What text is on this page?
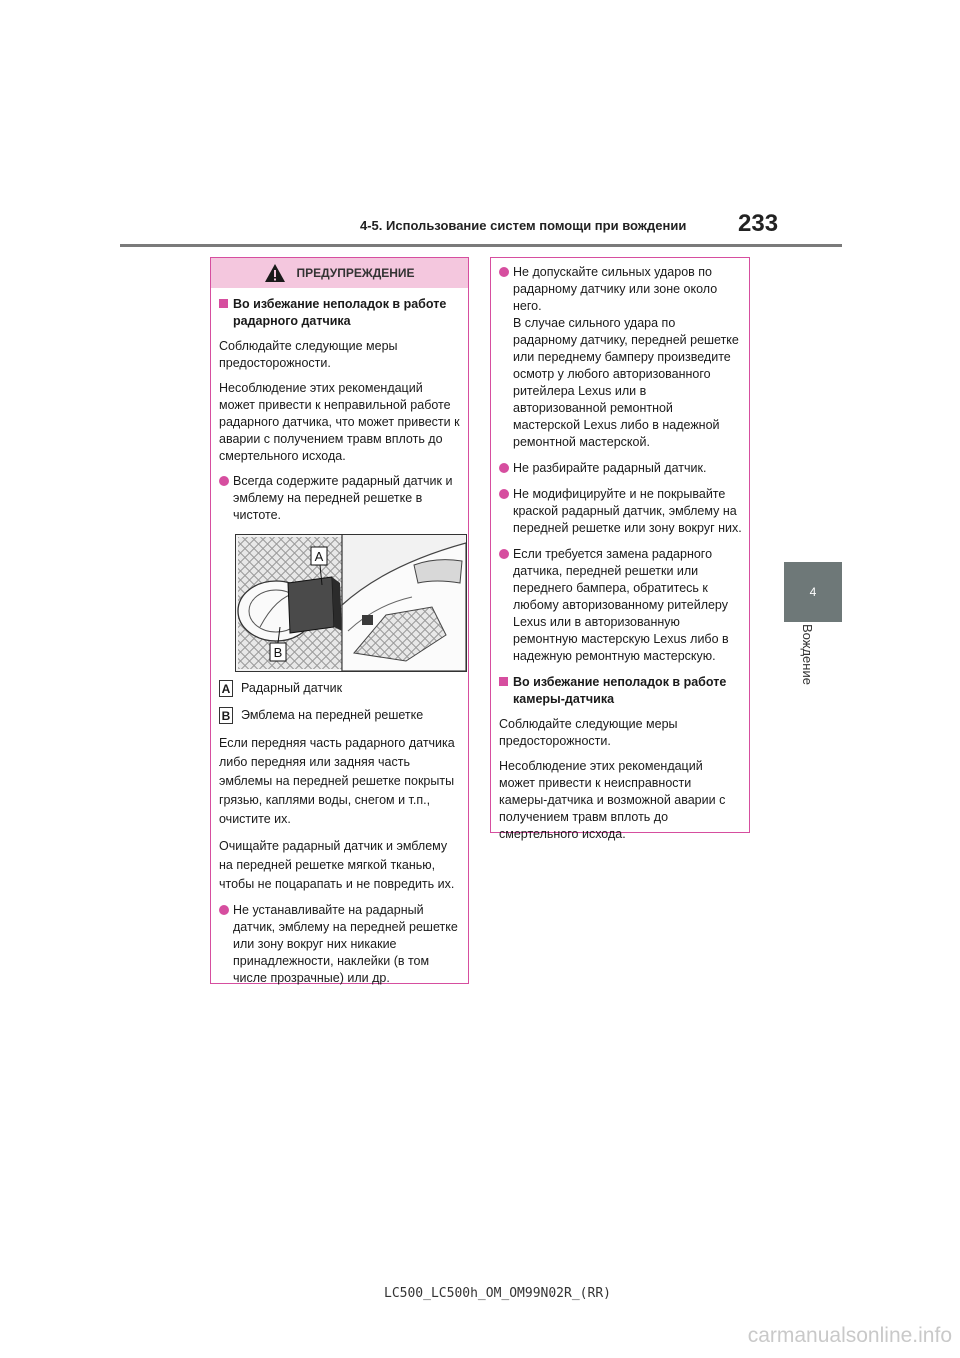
4-5. Использование систем помощи при вождении 233
4
Вождение
ПРЕДУПРЕЖДЕНИЕ
Во избежание неполадок в работе радарного датчика

Соблюдайте следующие меры предосторожности.

Несоблюдение этих рекомендаций может привести к неправильной работе радарного датчика, что может привести к аварии с получением травм вплоть до смертельного исхода.

Всегда содержите радарный датчик и эмблему на передней решетке в чистоте.
A
B
A Радарный датчик
B Эмблема на передней решетке

Если передняя часть радарного датчика либо передняя или задняя часть эмблемы на передней решетке покрыты грязью, каплями воды, снегом и т.п., очистите их.

Очищайте радарный датчик и эмблему на передней решетке мягкой тканью, чтобы не поцарапать и не повредить их.

Не устанавливайте на радарный датчик, эмблему на передней решетке или зону вокруг них никакие принадлежности, наклейки (в том числе прозрачные) или др.
Не допускайте сильных ударов по радарному датчику или зоне около него.
В случае сильного удара по радарному датчику, передней решетке или переднему бамперу произведите осмотр у любого авторизованного ритейлера Lexus или в авторизованной ремонтной мастерской Lexus либо в надежной ремонтной мастерской.
Не разбирайте радарный датчик.
Не модифицируйте и не покрывайте краской радарный датчик, эмблему на передней решетке или зону вокруг них.
Если требуется замена радарного датчика, передней решетки или переднего бампера, обратитесь к любому авторизованному ритейлеру Lexus или в авторизованную ремонтную мастерскую Lexus либо в надежную ремонтную мастерскую.
Во избежание неполадок в работе камеры-датчика

Соблюдайте следующие меры предосторожности.

Несоблюдение этих рекомендаций может привести к неисправности камеры-датчика и возможной аварии с получением травм вплоть до смертельного исхода.

LC500_LC500h_OM_OM99N02R_(RR)
carmanualsonline.info
